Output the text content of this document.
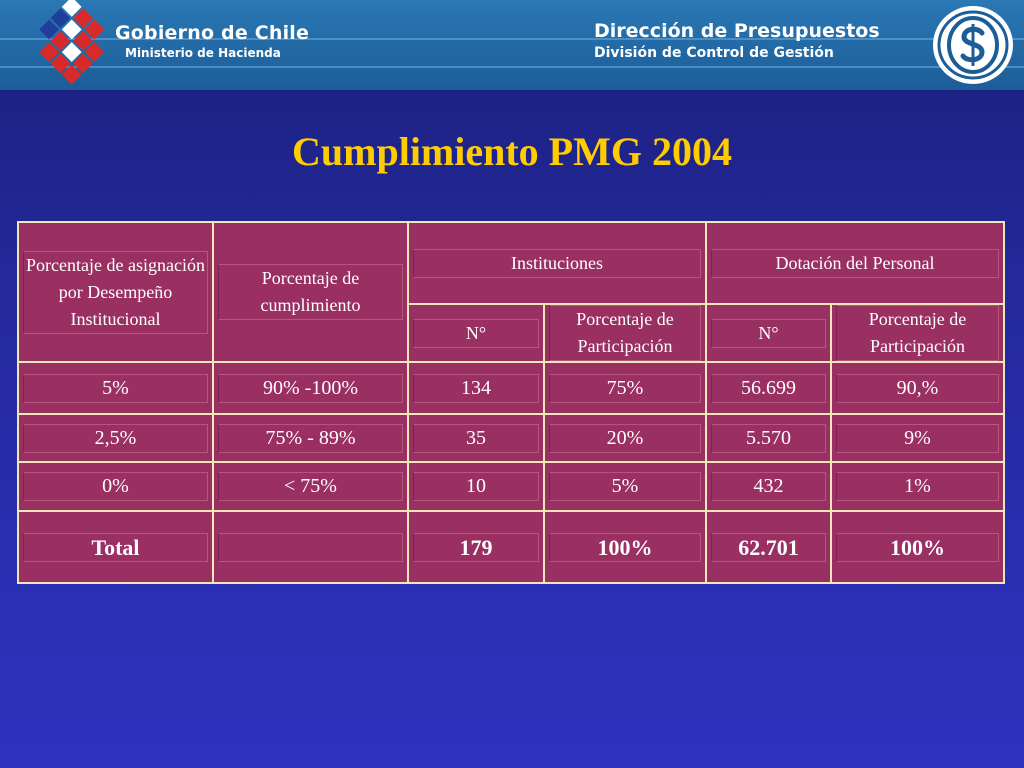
Gobierno de Chile
Ministerio de Hacienda
Dirección de Presupuestos
División de Control de Gestión
Cumplimiento PMG 2004
Porcentaje de asignación por Desempeño Institucional	Porcentaje de cumplimiento	Instituciones		Dotación del Personal	

		N°	Porcentaje de Participación	N°	Porcentaje de Participación

5%	90% -100%	134	75%	56.699	90,%

2,5%	75% - 89%	35	20%	5.570	9%

0%	< 75%	10	5%	432	1%

Total		179	100%	62.701	100%
